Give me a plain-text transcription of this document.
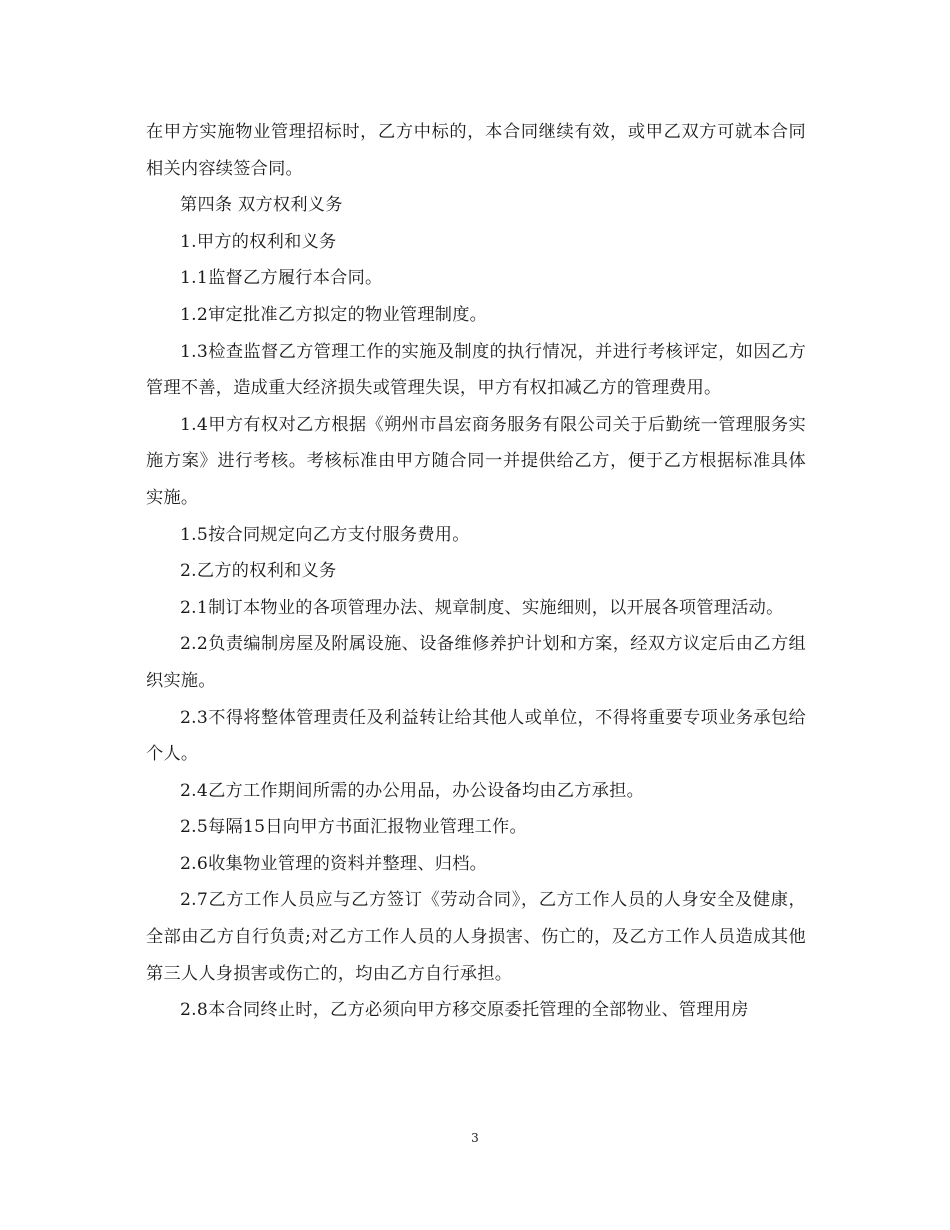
在甲方实施物业管理招标时，乙方中标的，本合同继续有效，或甲乙双方可就本合同相关内容续签合同。

第四条 双方权利义务

1.甲方的权利和义务

1.1监督乙方履行本合同。

1.2审定批准乙方拟定的物业管理制度。

1.3检查监督乙方管理工作的实施及制度的执行情况，并进行考核评定，如因乙方管理不善，造成重大经济损失或管理失误，甲方有权扣减乙方的管理费用。

1.4甲方有权对乙方根据《朔州市昌宏商务服务有限公司关于后勤统一管理服务实施方案》进行考核。考核标准由甲方随合同一并提供给乙方，便于乙方根据标准具体实施。

1.5按合同规定向乙方支付服务费用。

2.乙方的权利和义务

2.1制订本物业的各项管理办法、规章制度、实施细则，以开展各项管理活动。

2.2负责编制房屋及附属设施、设备维修养护计划和方案，经双方议定后由乙方组织实施。

2.3不得将整体管理责任及利益转让给其他人或单位，不得将重要专项业务承包给个人。

2.4乙方工作期间所需的办公用品，办公设备均由乙方承担。

2.5每隔15日向甲方书面汇报物业管理工作。

2.6收集物业管理的资料并整理、归档。

2.7乙方工作人员应与乙方签订《劳动合同》，乙方工作人员的人身安全及健康，全部由乙方自行负责;对乙方工作人员的人身损害、伤亡的，及乙方工作人员造成其他第三人人身损害或伤亡的，均由乙方自行承担。

2.8本合同终止时，乙方必须向甲方移交原委托管理的全部物业、管理用房

3
